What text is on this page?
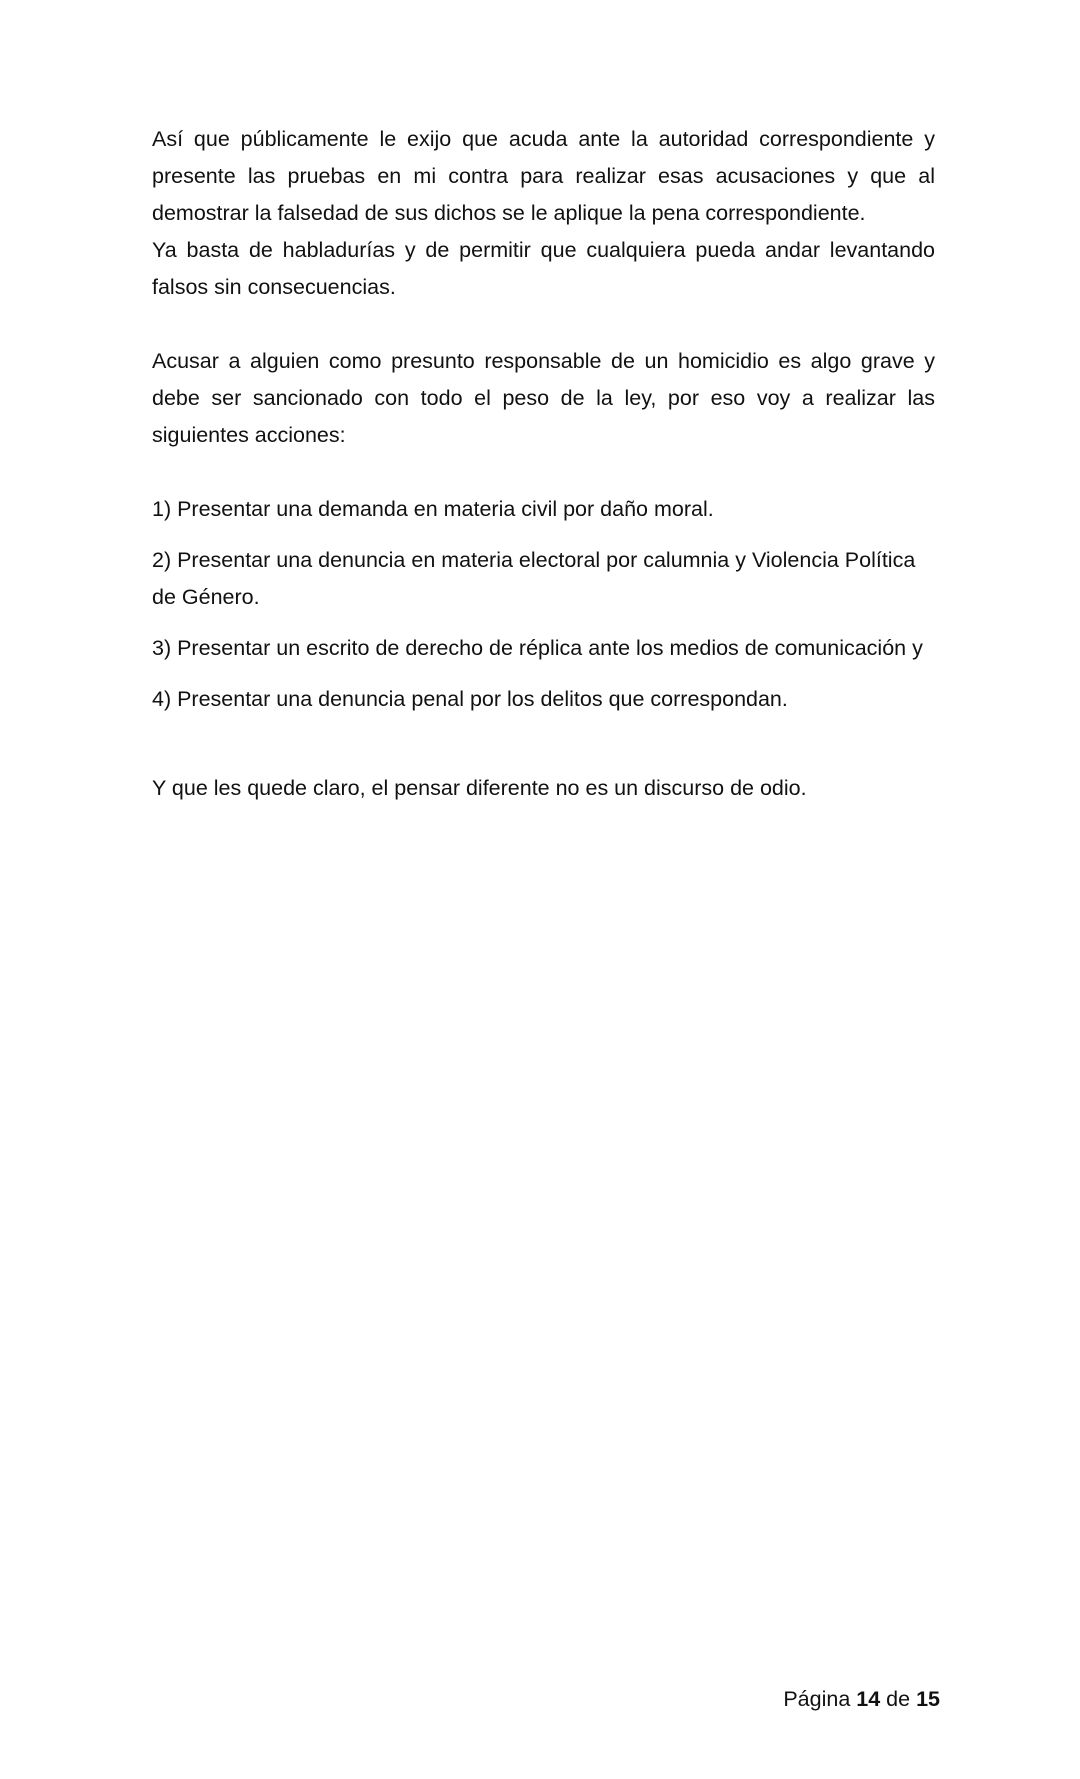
Así que públicamente le exijo que acuda ante la autoridad correspondiente y presente las pruebas en mi contra para realizar esas acusaciones y que al demostrar la falsedad de sus dichos se le aplique la pena correspondiente.

Ya basta de habladurías y de permitir que cualquiera pueda andar levantando falsos sin consecuencias.

Acusar a alguien como presunto responsable de un homicidio es algo grave y debe ser sancionado con todo el peso de la ley, por eso voy a realizar las siguientes acciones:

1) Presentar una demanda en materia civil por daño moral.

2) Presentar una denuncia en materia electoral por calumnia y Violencia Política de Género.

3) Presentar un escrito de derecho de réplica ante los medios de comunicación y

4) Presentar una denuncia penal por los delitos que correspondan.

Y que les quede claro, el pensar diferente no es un discurso de odio.

Página 14 de 15
